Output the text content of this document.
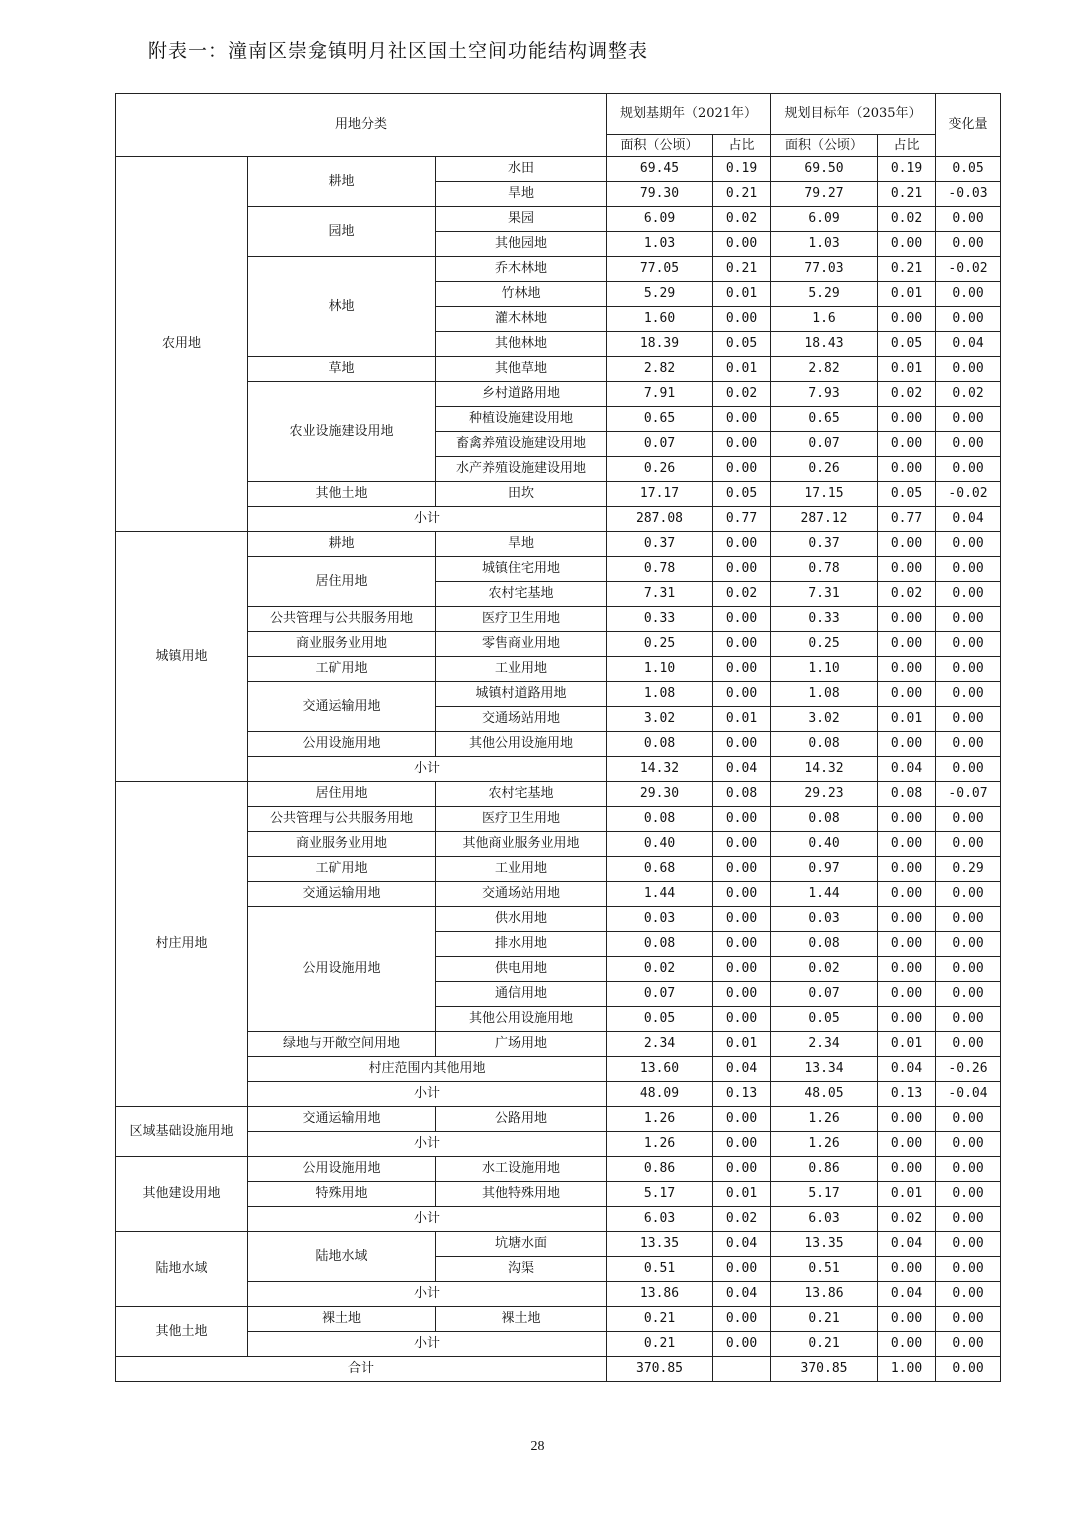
附表一：潼南区崇龛镇明月社区国土空间功能结构调整表
用地分类			规划基期年（2021年）		规划目标年（2035年）		变化量
			面积（公顷）	占比	面积（公顷）	占比	
农用地	耕地	水田	69.45	0.19	69.50	0.19	0.05
		旱地	79.30	0.21	79.27	0.21	-0.03
	园地	果园	6.09	0.02	6.09	0.02	0.00
		其他园地	1.03	0.00	1.03	0.00	0.00
	林地	乔木林地	77.05	0.21	77.03	0.21	-0.02
		竹林地	5.29	0.01	5.29	0.01	0.00
		灌木林地	1.60	0.00	1.6	0.00	0.00
		其他林地	18.39	0.05	18.43	0.05	0.04
	草地	其他草地	2.82	0.01	2.82	0.01	0.00
	农业设施建设用地	乡村道路用地	7.91	0.02	7.93	0.02	0.02
		种植设施建设用地	0.65	0.00	0.65	0.00	0.00
		畜禽养殖设施建设用地	0.07	0.00	0.07	0.00	0.00
		水产养殖设施建设用地	0.26	0.00	0.26	0.00	0.00
	其他土地	田坎	17.17	0.05	17.15	0.05	-0.02
	小计		287.08	0.77	287.12	0.77	0.04
城镇用地	耕地	旱地	0.37	0.00	0.37	0.00	0.00
	居住用地	城镇住宅用地	0.78	0.00	0.78	0.00	0.00
		农村宅基地	7.31	0.02	7.31	0.02	0.00
	公共管理与公共服务用地	医疗卫生用地	0.33	0.00	0.33	0.00	0.00
	商业服务业用地	零售商业用地	0.25	0.00	0.25	0.00	0.00
	工矿用地	工业用地	1.10	0.00	1.10	0.00	0.00
	交通运输用地	城镇村道路用地	1.08	0.00	1.08	0.00	0.00
		交通场站用地	3.02	0.01	3.02	0.01	0.00
	公用设施用地	其他公用设施用地	0.08	0.00	0.08	0.00	0.00
	小计		14.32	0.04	14.32	0.04	0.00
村庄用地	居住用地	农村宅基地	29.30	0.08	29.23	0.08	-0.07
	公共管理与公共服务用地	医疗卫生用地	0.08	0.00	0.08	0.00	0.00
	商业服务业用地	其他商业服务业用地	0.40	0.00	0.40	0.00	0.00
	工矿用地	工业用地	0.68	0.00	0.97	0.00	0.29
	交通运输用地	交通场站用地	1.44	0.00	1.44	0.00	0.00
	公用设施用地	供水用地	0.03	0.00	0.03	0.00	0.00
		排水用地	0.08	0.00	0.08	0.00	0.00
		供电用地	0.02	0.00	0.02	0.00	0.00
		通信用地	0.07	0.00	0.07	0.00	0.00
		其他公用设施用地	0.05	0.00	0.05	0.00	0.00
	绿地与开敞空间用地	广场用地	2.34	0.01	2.34	0.01	0.00
	村庄范围内其他用地		13.60	0.04	13.34	0.04	-0.26
	小计		48.09	0.13	48.05	0.13	-0.04
区域基础设施用地	交通运输用地	公路用地	1.26	0.00	1.26	0.00	0.00
	小计		1.26	0.00	1.26	0.00	0.00
其他建设用地	公用设施用地	水工设施用地	0.86	0.00	0.86	0.00	0.00
	特殊用地	其他特殊用地	5.17	0.01	5.17	0.01	0.00
	小计		6.03	0.02	6.03	0.02	0.00
陆地水域	陆地水域	坑塘水面	13.35	0.04	13.35	0.04	0.00
		沟渠	0.51	0.00	0.51	0.00	0.00
	小计		13.86	0.04	13.86	0.04	0.00
其他土地	裸土地	裸土地	0.21	0.00	0.21	0.00	0.00
	小计		0.21	0.00	0.21	0.00	0.00
合计			370.85		370.85	1.00	0.00
28
